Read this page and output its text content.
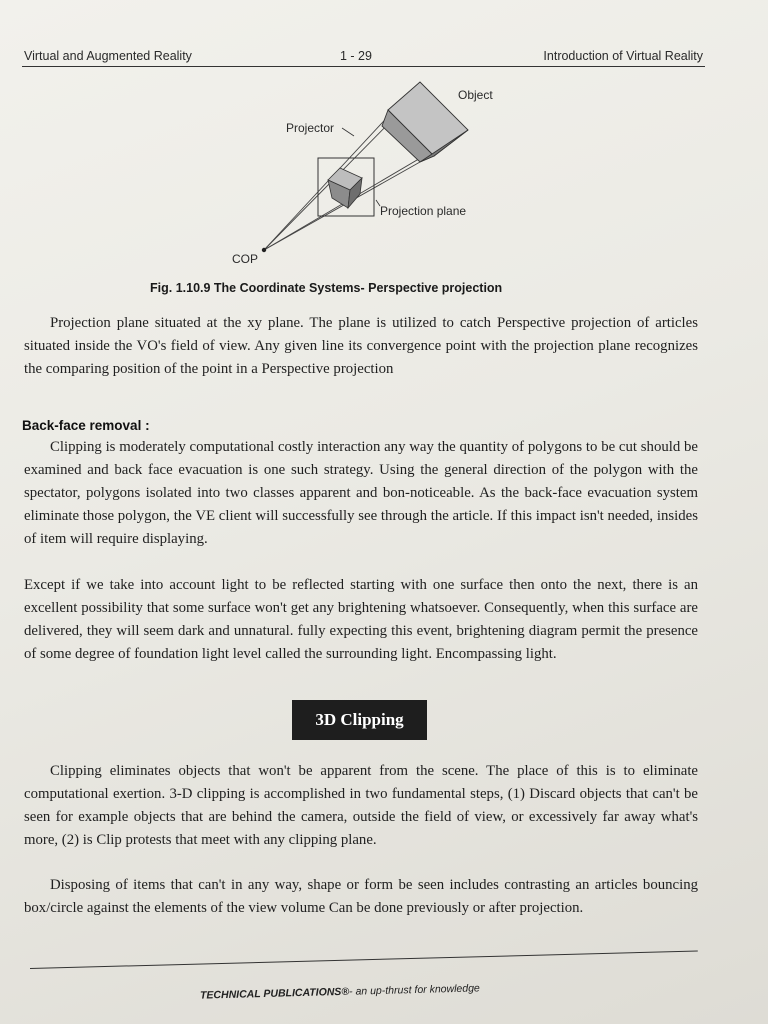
Virtual and Augmented Reality	1 - 29	Introduction of Virtual Reality
Object
Projector
Projection plane
COP
Fig. 1.10.9 The Coordinate Systems- Perspective projection

Projection plane situated at the xy plane. The plane is utilized to catch Perspective projection of articles situated inside the VO's field of view. Any given line its convergence point with the projection plane recognizes the comparing position of the point in a Perspective projection

Back-face removal :

Clipping is moderately computational costly interaction any way the quantity of polygons to be cut should be examined and back face evacuation is one such strategy. Using the general direction of the polygon with the spectator, polygons isolated into two classes apparent and bon-noticeable. As the back-face evacuation system eliminate those polygon, the VE client will successfully see through the article. If this impact isn't needed, insides of item will require displaying.

Except if we take into account light to be reflected starting with one surface then onto the next, there is an excellent possibility that some surface won't get any brightening whatsoever. Consequently, when this surface are delivered, they will seem dark and unnatural. fully expecting this event, brightening diagram permit the presence of some degree of foundation light level called the surrounding light. Encompassing light.

3D Clipping

Clipping eliminates objects that won't be apparent from the scene. The place of this is to eliminate computational exertion. 3-D clipping is accomplished in two fundamental steps, (1) Discard objects that can't be seen for example objects that are behind the camera, outside the field of view, or excessively far away what's more, (2) is Clip protests that meet with any clipping plane.

Disposing of items that can't in any way, shape or form be seen includes contrasting an articles bouncing box/circle against the elements of the view volume Can be done previously or after projection.

TECHNICAL PUBLICATIONS®- an up-thrust for knowledge
